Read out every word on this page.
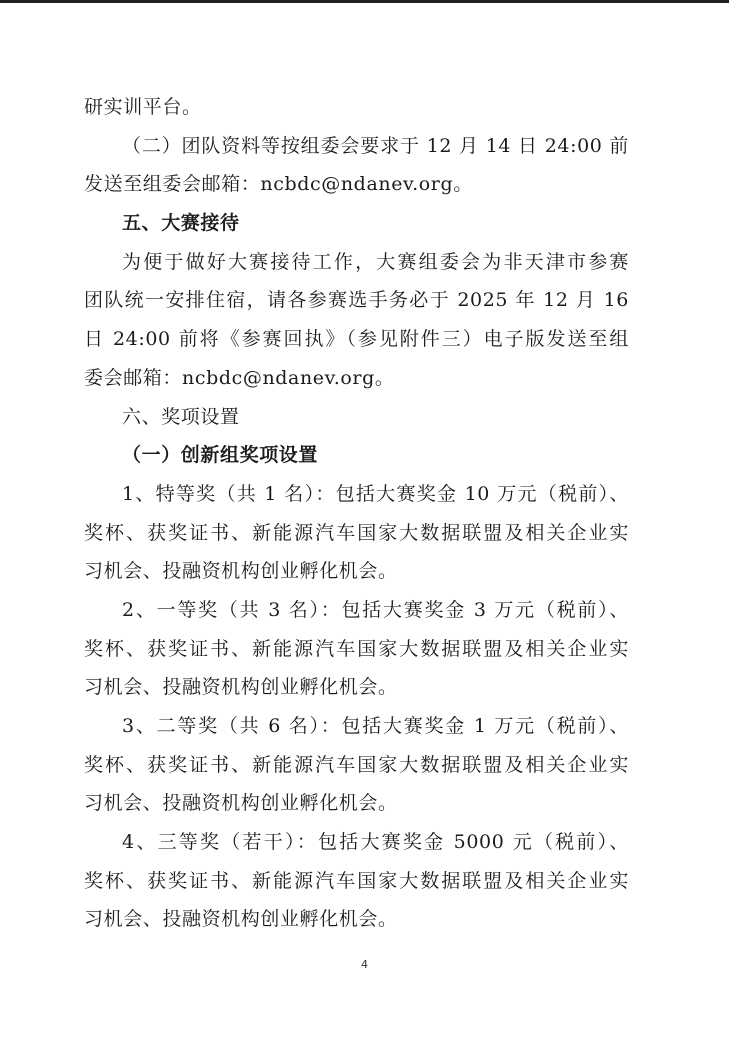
研实训平台。
（二）团队资料等按组委会要求于 12 月 14 日 24:00 前
发送至组委会邮箱：ncbdc@ndanev.org。
五、大赛接待
为便于做好大赛接待工作，大赛组委会为非天津市参赛
团队统一安排住宿，请各参赛选手务必于 2025 年 12 月 16
日 24:00 前将《参赛回执》（参见附件三）电子版发送至组
委会邮箱：ncbdc@ndanev.org。
六、奖项设置
（一）创新组奖项设置
1、特等奖（共 1 名）：包括大赛奖金 10 万元（税前）、
奖杯、获奖证书、新能源汽车国家大数据联盟及相关企业实
习机会、投融资机构创业孵化机会。
2、一等奖（共 3 名）：包括大赛奖金 3 万元（税前）、
奖杯、获奖证书、新能源汽车国家大数据联盟及相关企业实
习机会、投融资机构创业孵化机会。
3、二等奖（共 6 名）：包括大赛奖金 1 万元（税前）、
奖杯、获奖证书、新能源汽车国家大数据联盟及相关企业实
习机会、投融资机构创业孵化机会。
4、三等奖（若干）：包括大赛奖金 5000 元（税前）、
奖杯、获奖证书、新能源汽车国家大数据联盟及相关企业实
习机会、投融资机构创业孵化机会。
4
